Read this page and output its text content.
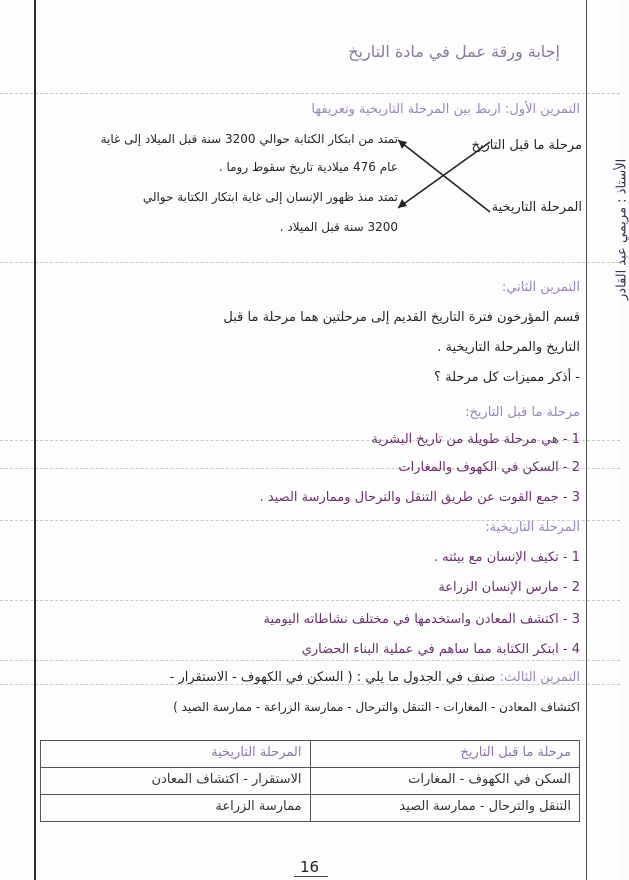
إجابة ورقة عمل في مادة التاريخ
التمرين الأول: اربط بين المرحلة التاريخية وتعريفها
مرحلة ما قبل التاريخ
المرحلة التاريخية
تمتد من ابتكار الكتابة حوالي 3200 سنة قبل الميلاد إلى غاية
عام 476 ميلادية تاريخ سقوط روما .
تمتد منذ ظهور الإنسان إلى غاية ابتكار الكتابة حوالي
3200 سنة قبل الميلاد .
التمرين الثاني:
قسم المؤرخون فترة التاريخ القديم إلى مرحلتين هما مرحلة ما قبل
التاريخ والمرحلة التاريخية .
- أذكر مميزات كل مرحلة ؟
مرحلة ما قبل التاريخ:
1 - هي مرحلة طويلة من تاريخ البشرية
2 - السكن في الكهوف والمغارات
3 - جمع القوت عن طريق التنقل والترحال وممارسة الصيد .
المرحلة التاريخية:
1 - تكيف الإنسان مع بيئته .
2 - مارس الإنسان الزراعة
3 - اكتشف المعادن واستخدمها في مختلف نشاطاته اليومية
4 - ابتكر الكتابة مما ساهم في عملية البناء الحضاري
التمرين الثالث: صنف في الجدول ما يلي : ( السكن في الكهوف - الاستقرار -
اكتشاف المعادن - المغارات - التنقل والترحال - ممارسة الزراعة - ممارسة الصيد )
مرحلة ما قبل التاريخ	المرحلة التاريخية
السكن في الكهوف - المغارات	الاستقرار - اكتشاف المعادن
التنقل والترحال - ممارسة الصيد	ممارسة الزراعة
الأستاذ : مريمي عبد القادر
16
